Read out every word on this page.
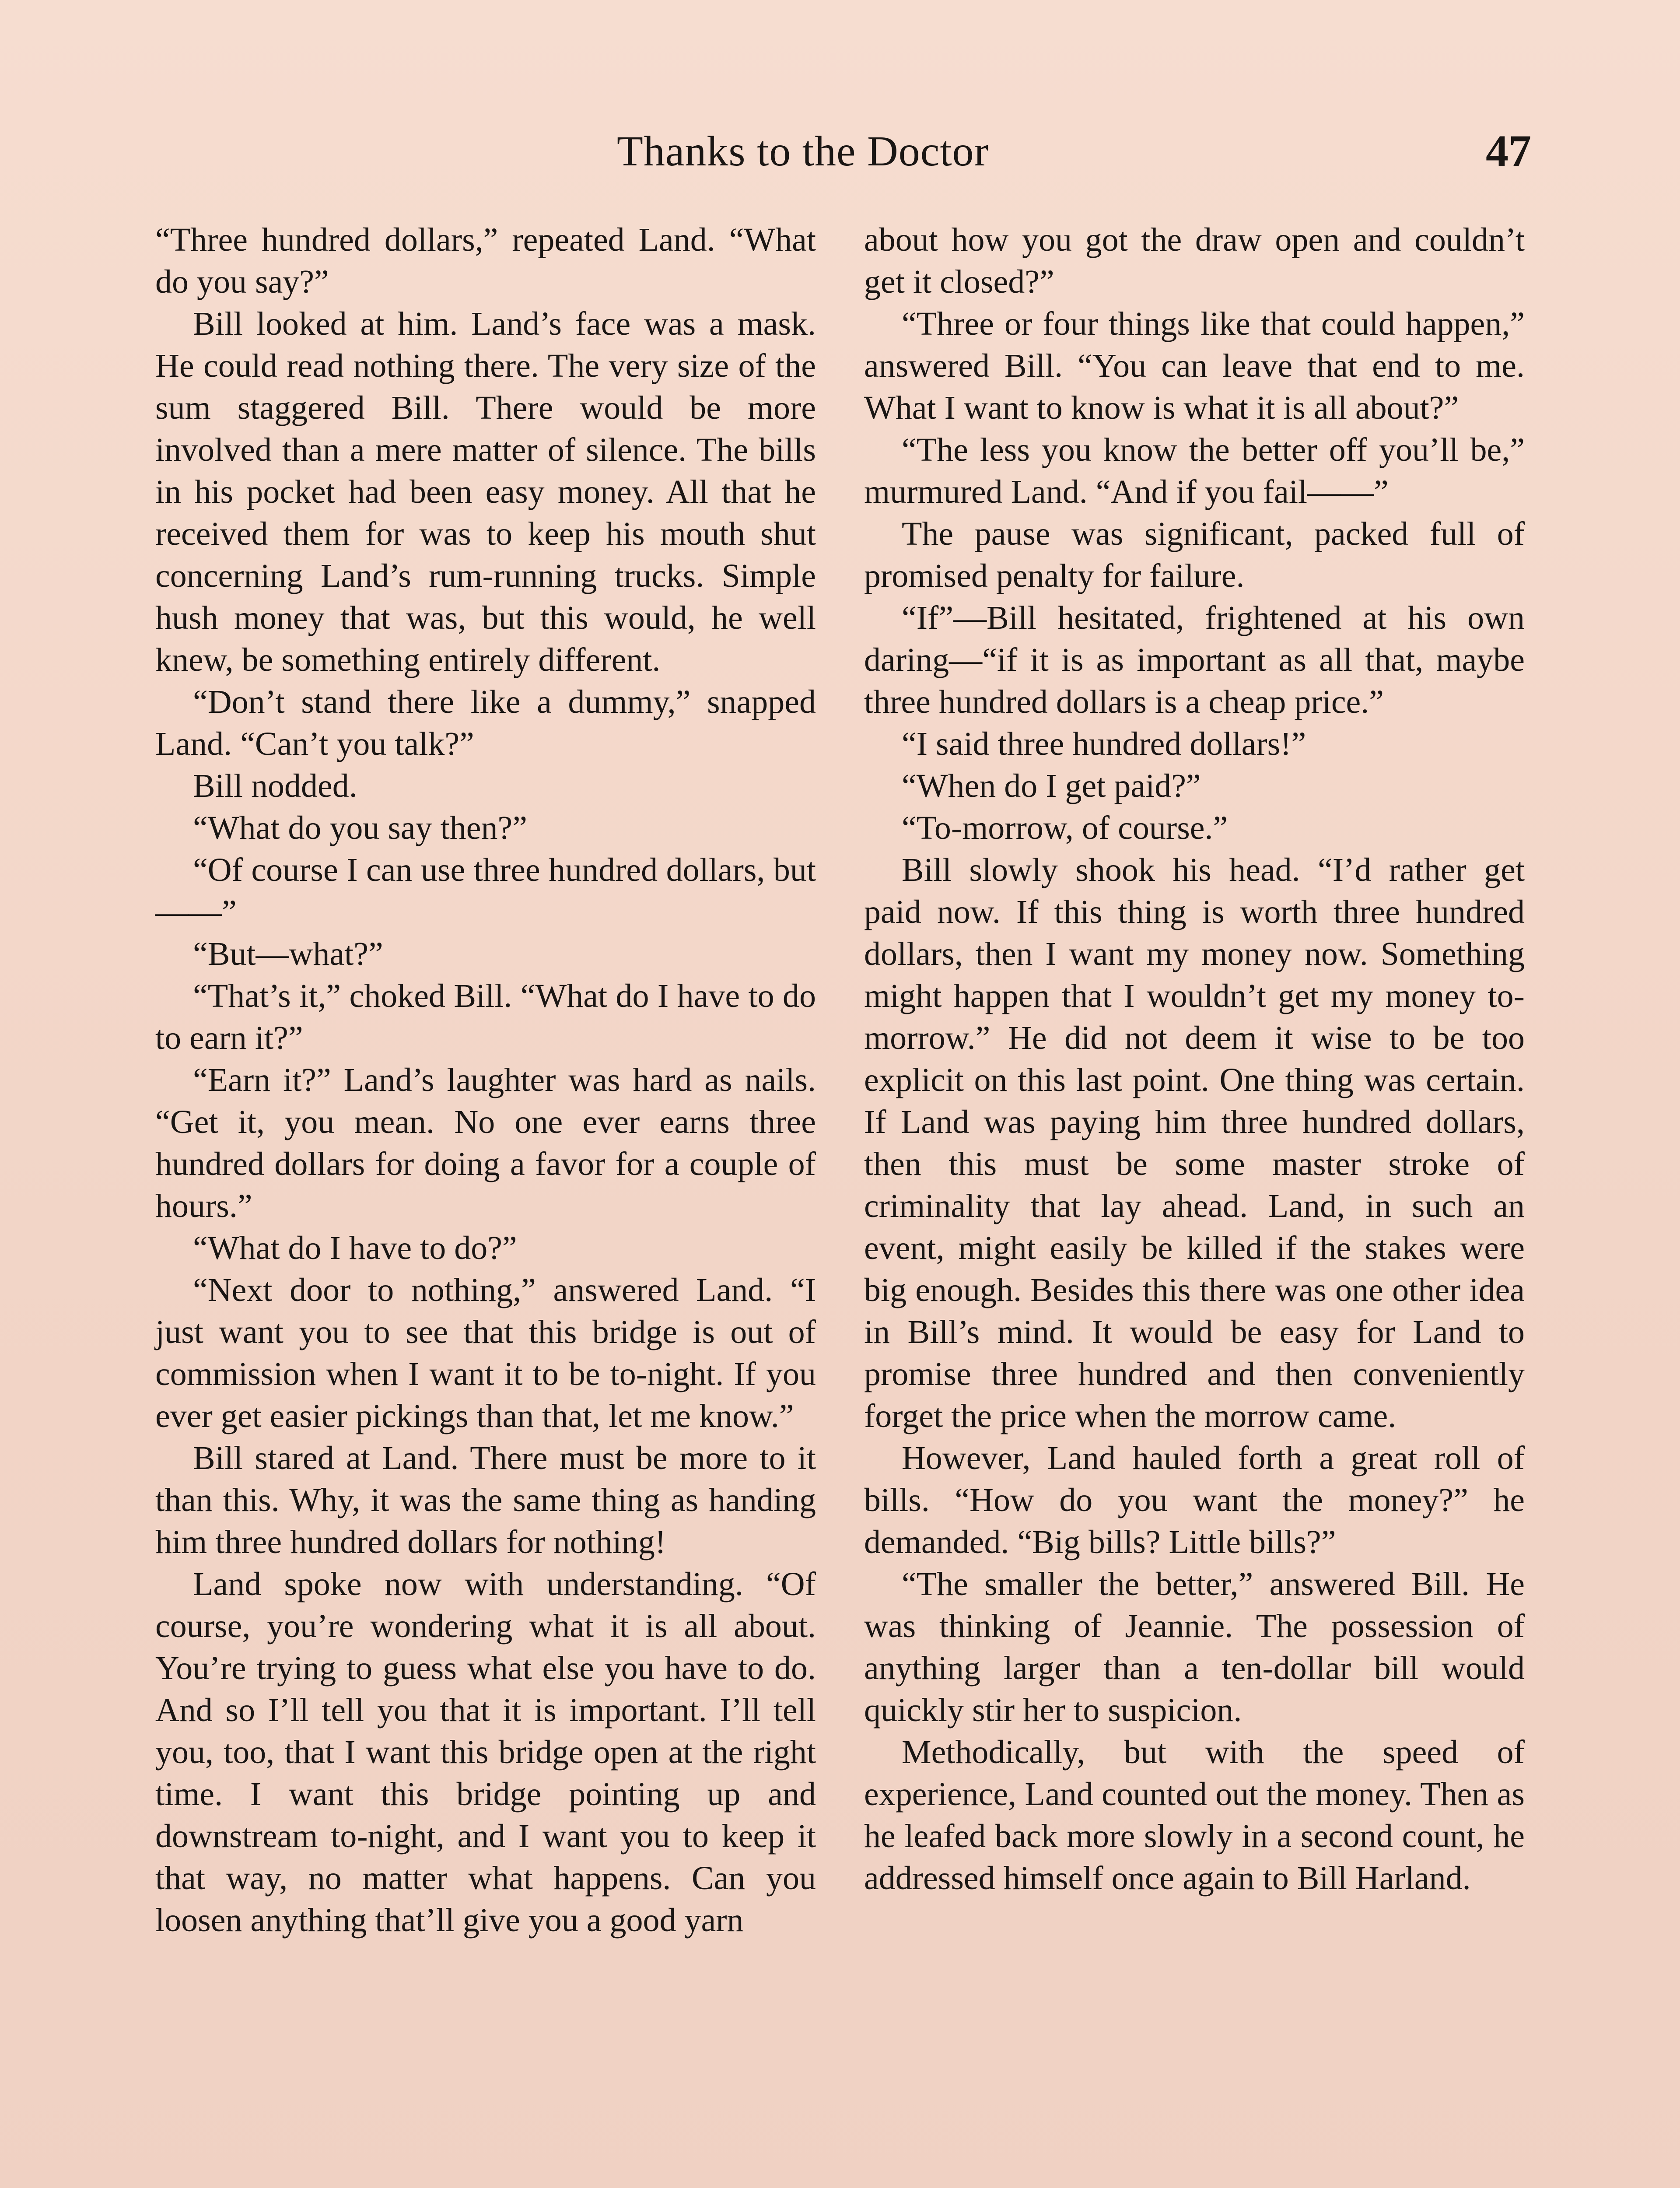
Thanks to the Doctor	47

“Three hundred dollars,” repeated Land. “What do you say?”

Bill looked at him. Land’s face was a mask. He could read nothing there. The very size of the sum staggered Bill. There would be more involved than a mere matter of silence. The bills in his pocket had been easy money. All that he received them for was to keep his mouth shut concerning Land’s rum-running trucks. Simple hush money that was, but this would, he well knew, be something entirely different.

“Don’t stand there like a dummy,” snapped Land. “Can’t you talk?”

Bill nodded.

“What do you say then?”

“Of course I can use three hundred dollars, but——”

“But—what?”

“That’s it,” choked Bill. “What do I have to do to earn it?”

“Earn it?” Land’s laughter was hard as nails. “Get it, you mean. No one ever earns three hundred dollars for doing a favor for a couple of hours.”

“What do I have to do?”

“Next door to nothing,” answered Land. “I just want you to see that this bridge is out of commission when I want it to be to-night. If you ever get easier pickings than that, let me know.”

Bill stared at Land. There must be more to it than this. Why, it was the same thing as handing him three hundred dollars for nothing!

Land spoke now with understanding. “Of course, you’re wondering what it is all about. You’re trying to guess what else you have to do. And so I’ll tell you that it is important. I’ll tell you, too, that I want this bridge open at the right time. I want this bridge pointing up and downstream to-night, and I want you to keep it that way, no matter what happens. Can you loosen anything that’ll give you a good yarn

about how you got the draw open and couldn’t get it closed?”

“Three or four things like that could happen,” answered Bill. “You can leave that end to me. What I want to know is what it is all about?”

“The less you know the better off you’ll be,” murmured Land. “And if you fail——”

The pause was significant, packed full of promised penalty for failure.

“If”—Bill hesitated, frightened at his own daring—“if it is as important as all that, maybe three hundred dollars is a cheap price.”

“I said three hundred dollars!”

“When do I get paid?”

“To-morrow, of course.”

Bill slowly shook his head. “I’d rather get paid now. If this thing is worth three hundred dollars, then I want my money now. Something might happen that I wouldn’t get my money to-morrow.” He did not deem it wise to be too explicit on this last point. One thing was certain. If Land was paying him three hundred dollars, then this must be some master stroke of criminality that lay ahead. Land, in such an event, might easily be killed if the stakes were big enough. Besides this there was one other idea in Bill’s mind. It would be easy for Land to promise three hundred and then conveniently forget the price when the morrow came.

However, Land hauled forth a great roll of bills. “How do you want the money?” he demanded. “Big bills? Little bills?”

“The smaller the better,” answered Bill. He was thinking of Jeannie. The possession of anything larger than a ten-dollar bill would quickly stir her to suspicion.

Methodically, but with the speed of experience, Land counted out the money. Then as he leafed back more slowly in a second count, he addressed himself once again to Bill Harland.
